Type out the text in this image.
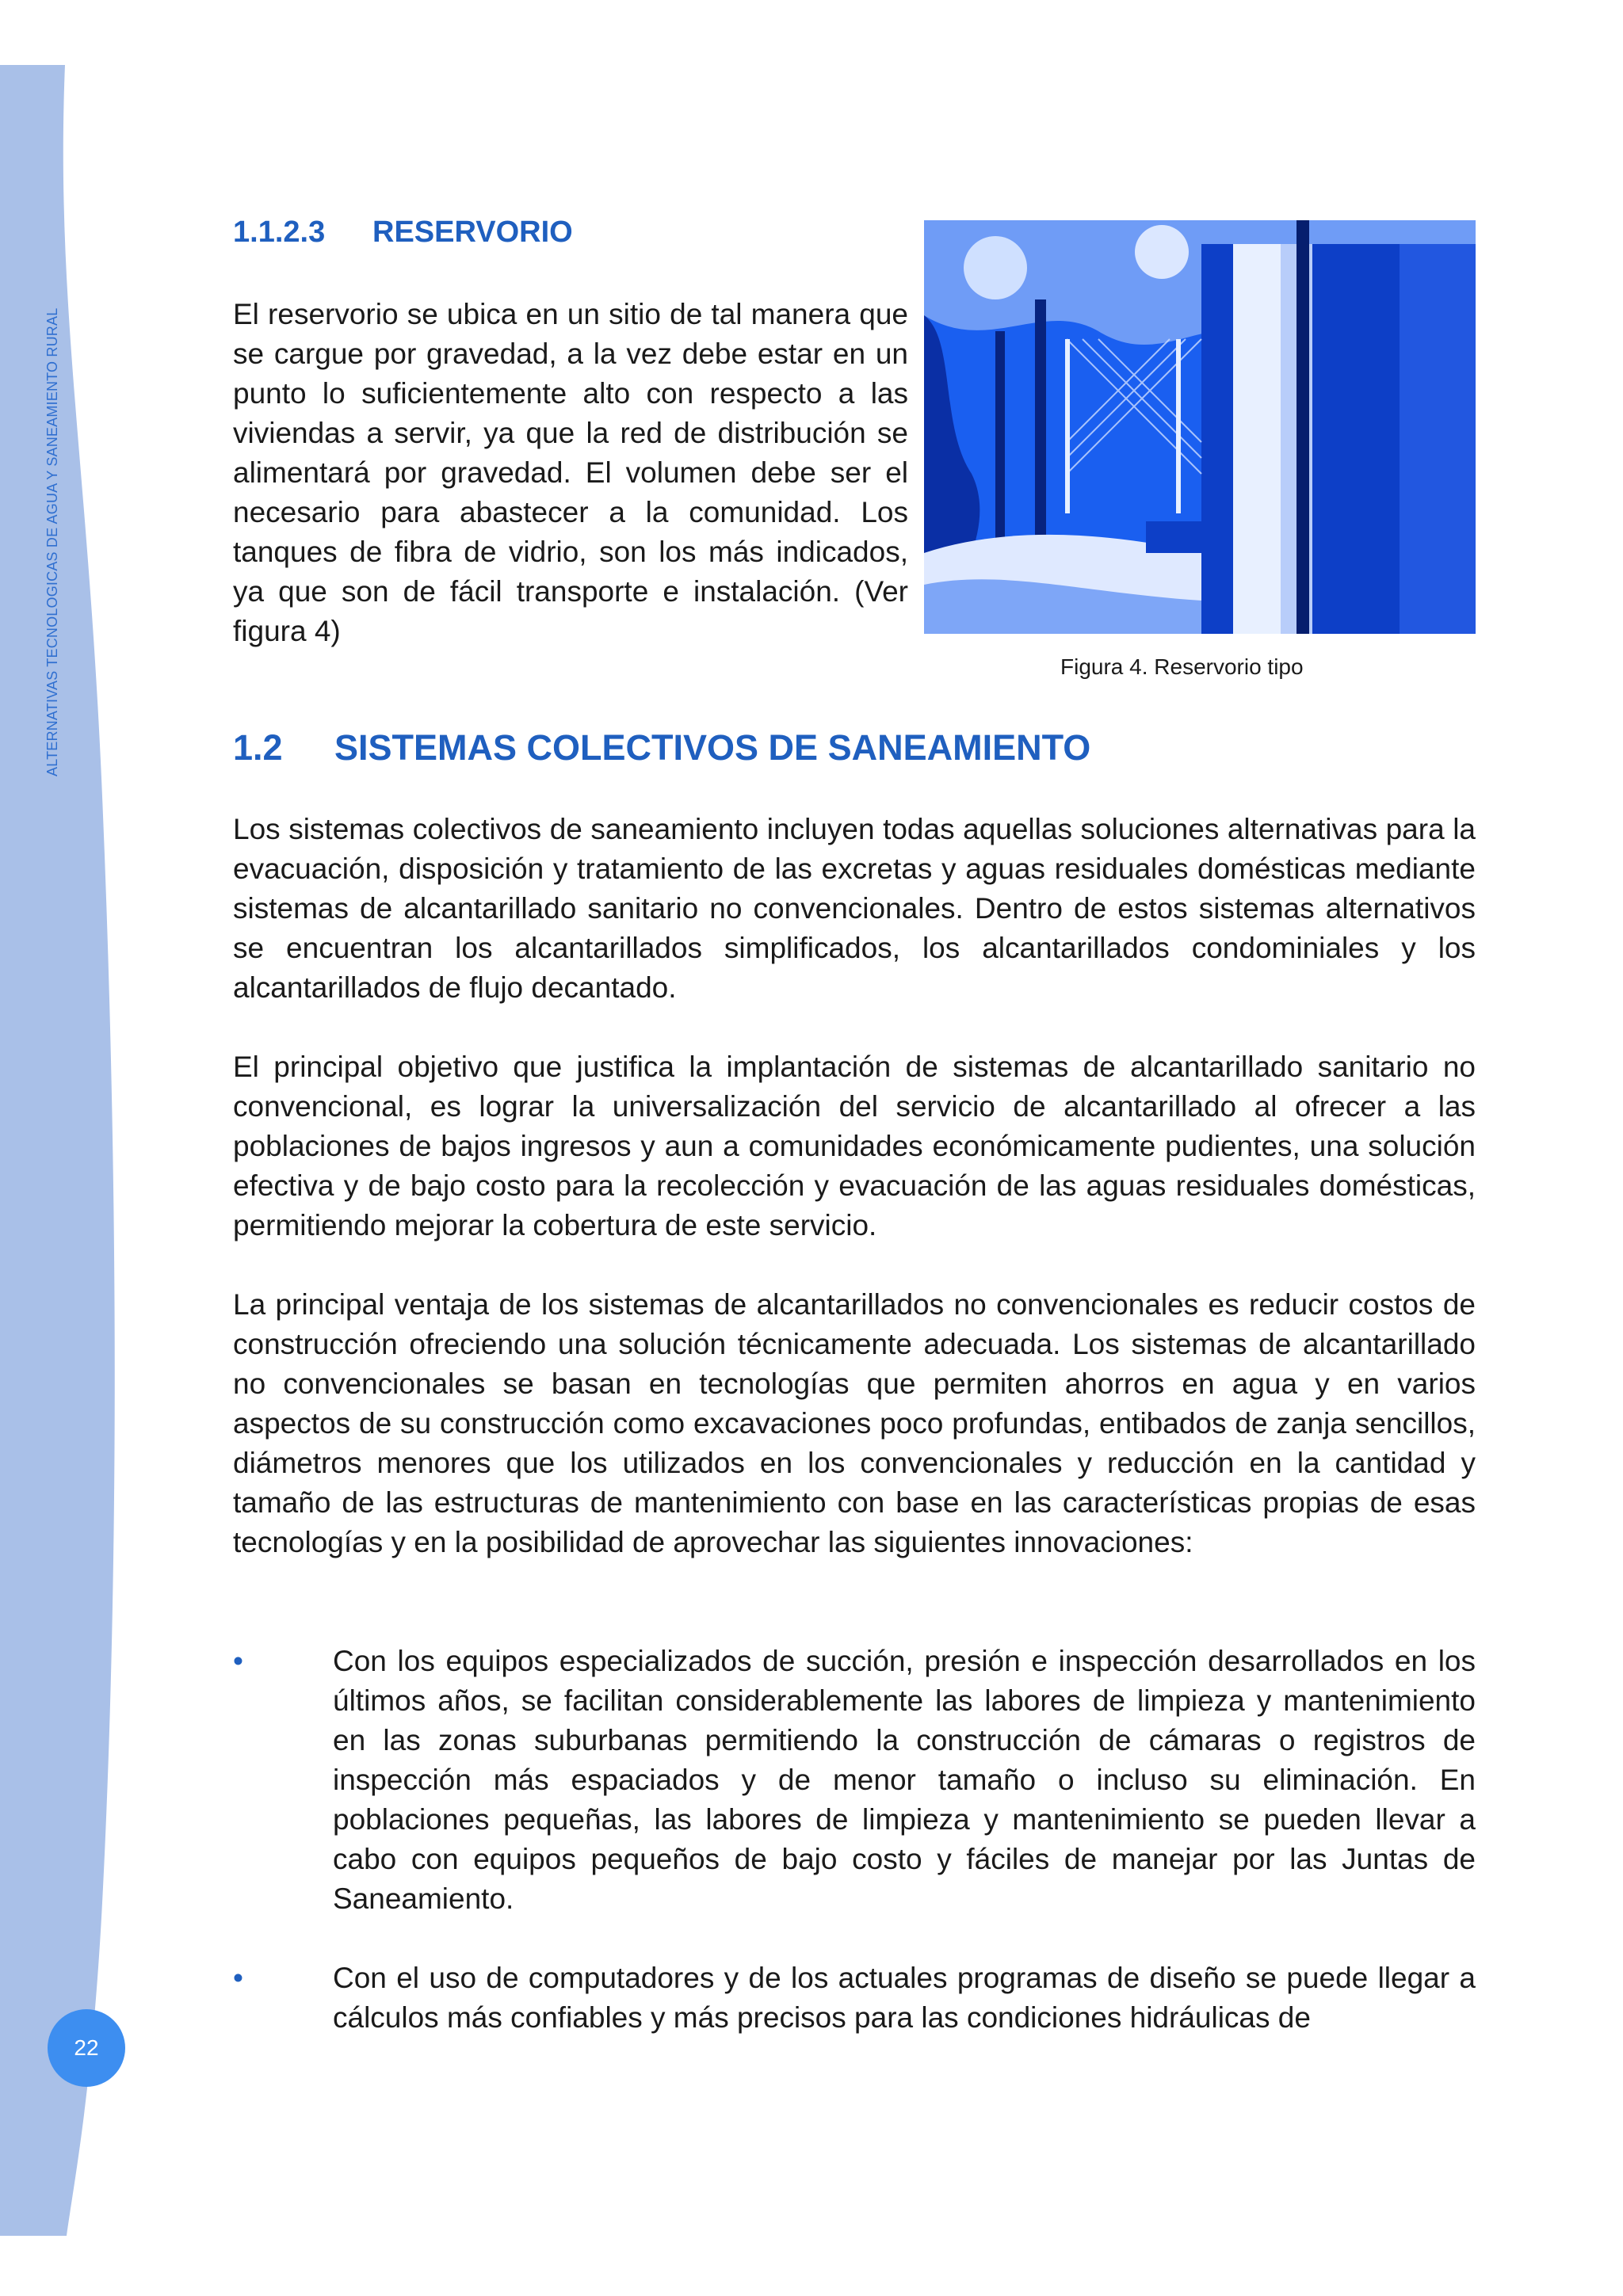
ALTERNATIVAS TECNOLOGICAS DE AGUA Y SANEAMIENTO RURAL
22
1.1.2.3 RESERVORIO
El reservorio se ubica en un sitio de tal manera que se cargue por gravedad, a la vez debe estar en un punto lo suficientemente alto con respecto a las viviendas a servir, ya que la red de distribución se alimentará por gravedad. El volumen debe ser el necesario para abastecer a la comunidad. Los tanques de fibra de vidrio, son los más indicados, ya que son de fácil transporte e instalación. (Ver figura 4)
Figura 4. Reservorio tipo
1.2 SISTEMAS COLECTIVOS DE SANEAMIENTO
Los sistemas colectivos de saneamiento incluyen todas aquellas soluciones alternativas para la evacuación, disposición y tratamiento de las excretas y aguas residuales domésticas mediante sistemas de alcantarillado sanitario no convencionales. Dentro de estos sistemas alternativos se encuentran los alcantarillados simplificados, los alcantarillados condominiales y los alcantarillados de flujo decantado.
El principal objetivo que justifica la implantación de sistemas de alcantarillado sanitario no convencional, es lograr la universalización del servicio de alcantarillado al ofrecer a las poblaciones de bajos ingresos y aun a comunidades económicamente pudientes, una solución efectiva y de bajo costo para la recolección y evacuación de las aguas residuales domésticas, permitiendo mejorar la cobertura de este servicio.
La principal ventaja de los sistemas de alcantarillados no convencionales es reducir costos de construcción ofreciendo una solución técnicamente adecuada. Los sistemas de alcantarillado no convencionales se basan en tecnologías que permiten ahorros en agua y en varios aspectos de su construcción como excavaciones poco profundas, entibados de zanja sencillos, diámetros menores que los utilizados en los convencionales y reducción en la cantidad y tamaño de las estructuras de mantenimiento con base en las características propias de esas tecnologías y en la posibilidad de aprovechar las siguientes innovaciones:
•	Con los equipos especializados de succión, presión e inspección desarrollados en los últimos años, se facilitan considerablemente las labores de limpieza y mantenimiento en las zonas suburbanas permitiendo la construcción de cámaras o registros de inspección más espaciados y de menor tamaño o incluso su eliminación. En poblaciones pequeñas, las labores de limpieza y mantenimiento se pueden llevar a cabo con equipos pequeños de bajo costo y fáciles de manejar por las Juntas de Saneamiento.
•	Con el uso de computadores y de los actuales programas de diseño se puede llegar a cálculos más confiables y más precisos para las condiciones hidráulicas de
